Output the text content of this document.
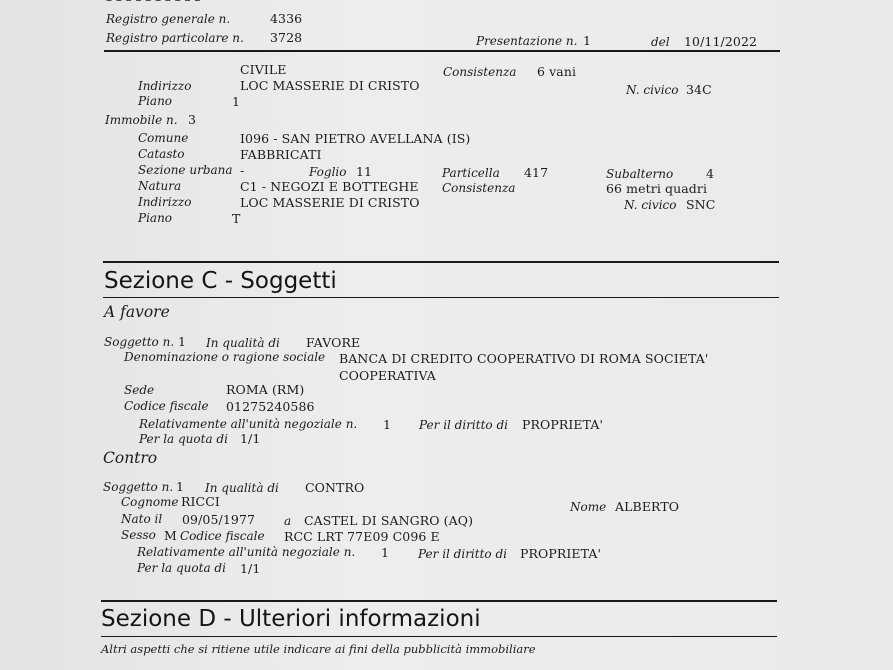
– – – – – – – – – –
Registro generale n.	4336
Registro particolare n. 3728	Presentazione n. 1	del 10/11/2022
CIVILE	Consistenza 6 vani
Indirizzo	LOC MASSERIE DI CRISTO	N. civico 34C
Piano	1
Immobile n. 3
Comune	I096 - SAN PIETRO AVELLANA (IS)
Catasto	FABBRICATI
Sezione urbana -	Foglio 11	Particella 417	Subalterno	4
Natura	C1 - NEGOZI E BOTTEGHE Consistenza	66 metri quadri
Indirizzo	LOC MASSERIE DI CRISTO	N. civico SNC
Piano	T
Sezione C - Soggetti
A favore
Soggetto n. 1 In qualità di FAVORE
Denominazione o ragione sociale BANCA DI CREDITO COOPERATIVO DI ROMA SOCIETA'
COOPERATIVA
Sede	ROMA (RM)
Codice fiscale 01275240586
Relativamente all'unità negoziale n. 1 Per il diritto di PROPRIETA'
Per la quota di 1/1
Contro
Soggetto n. 1 In qualità di CONTRO
Cognome RICCI	Nome ALBERTO
Nato il 09/05/1977 a CASTEL DI SANGRO (AQ)
Sesso M Codice fiscale RCC LRT 77E09 C096 E
Relativamente all'unità negoziale n. 1 Per il diritto di PROPRIETA'
Per la quota di 1/1
Sezione D - Ulteriori informazioni
Altri aspetti che si ritiene utile indicare ai fini della pubblicità immobiliare
